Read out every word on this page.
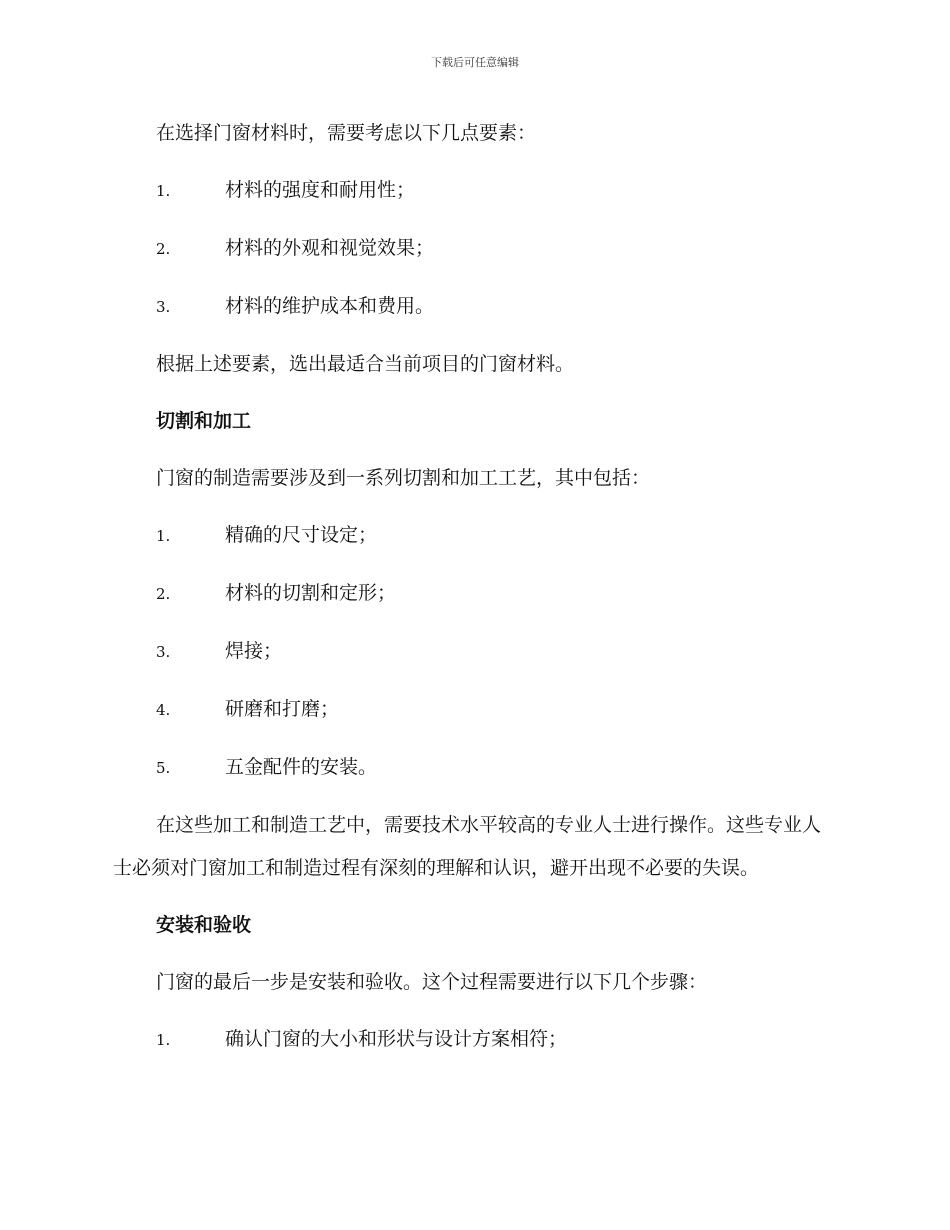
下载后可任意编辑
在选择门窗材料时，需要考虑以下几点要素：
1.	材料的强度和耐用性；
2.	材料的外观和视觉效果；
3.	材料的维护成本和费用。
根据上述要素，选出最适合当前项目的门窗材料。
切割和加工
门窗的制造需要涉及到一系列切割和加工工艺，其中包括：
1.	精确的尺寸设定；
2.	材料的切割和定形；
3.	焊接；
4.	研磨和打磨；
5.	五金配件的安装。
在这些加工和制造工艺中，需要技术水平较高的专业人士进行操作。这些专业人士必须对门窗加工和制造过程有深刻的理解和认识，避开出现不必要的失误。
安装和验收
门窗的最后一步是安装和验收。这个过程需要进行以下几个步骤：
1.	确认门窗的大小和形状与设计方案相符；
